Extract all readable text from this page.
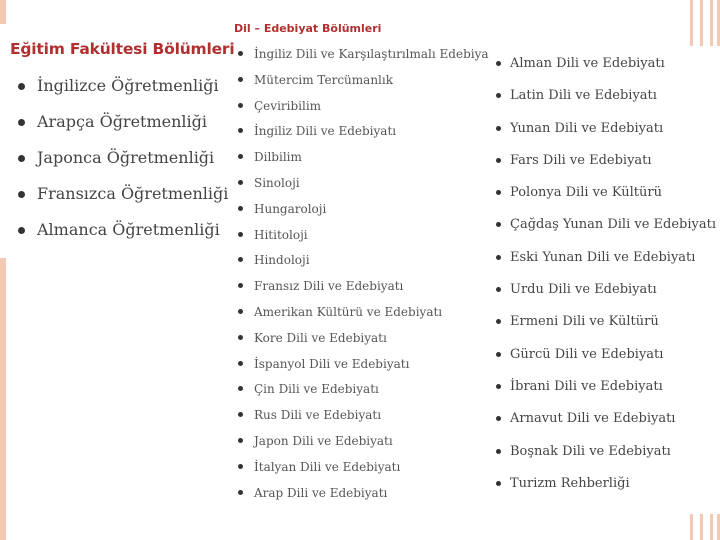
Eğitim Fakültesi Bölümleri
İngilizce Öğretmenliği
Arapça Öğretmenliği
Japonca Öğretmenliği
Fransızca Öğretmenliği
Almanca Öğretmenliği
Dil – Edebiyat Bölümleri
İngiliz Dili ve Karşılaştırılmalı Edebiya
Mütercim Tercümanlık
Çeviribilim
İngiliz Dili ve Edebiyatı
Dilbilim
Sinoloji
Hungaroloji
Hititoloji
Hindoloji
Fransız Dili ve Edebiyatı
Amerikan Kültürü ve Edebiyatı
Kore Dili ve Edebiyatı
İspanyol Dili ve Edebiyatı
Çin Dili ve Edebiyatı
Rus Dili ve Edebiyatı
Japon Dili ve Edebiyatı
İtalyan Dili ve Edebiyatı
Arap Dili ve Edebiyatı
Alman Dili ve Edebiyatı
Latin Dili ve Edebiyatı
Yunan Dili ve Edebiyatı
Fars Dili ve Edebiyatı
Polonya Dili ve Kültürü
Çağdaş Yunan Dili ve Edebiyatı
Eski Yunan Dili ve Edebiyatı
Urdu Dili ve Edebiyatı
Ermeni Dili ve Kültürü
Gürcü Dili ve Edebiyatı
İbrani Dili ve Edebiyatı
Arnavut Dili ve Edebiyatı
Boşnak Dili ve Edebiyatı
Turizm Rehberliği
